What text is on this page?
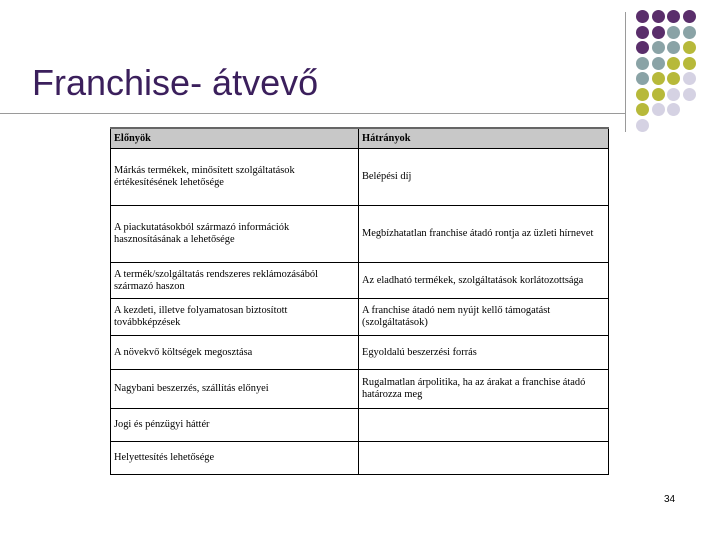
Franchise- átvevő
Előnyök	Hátrányok
Márkás termékek, minősített szolgáltatások értékesítésének lehetősége	Belépési díj
A piackutatásokból származó információk hasznosításának a lehetősége	Megbízhatatlan franchise átadó rontja az üzleti hírnevet
A termék/szolgáltatás rendszeres reklámozásából származó haszon	Az eladható termékek, szolgáltatások korlátozottsága
A kezdeti, illetve folyamatosan biztosított továbbképzések	A franchise átadó nem nyújt kellő támogatást (szolgáltatások)
A növekvő költségek megosztása	Egyoldalú beszerzési forrás
Nagybani beszerzés, szállítás előnyei	Rugalmatlan árpolitika, ha az árakat a franchise átadó határozza meg
Jogi és pénzügyi háttér	
Helyettesítés lehetősége	
34
